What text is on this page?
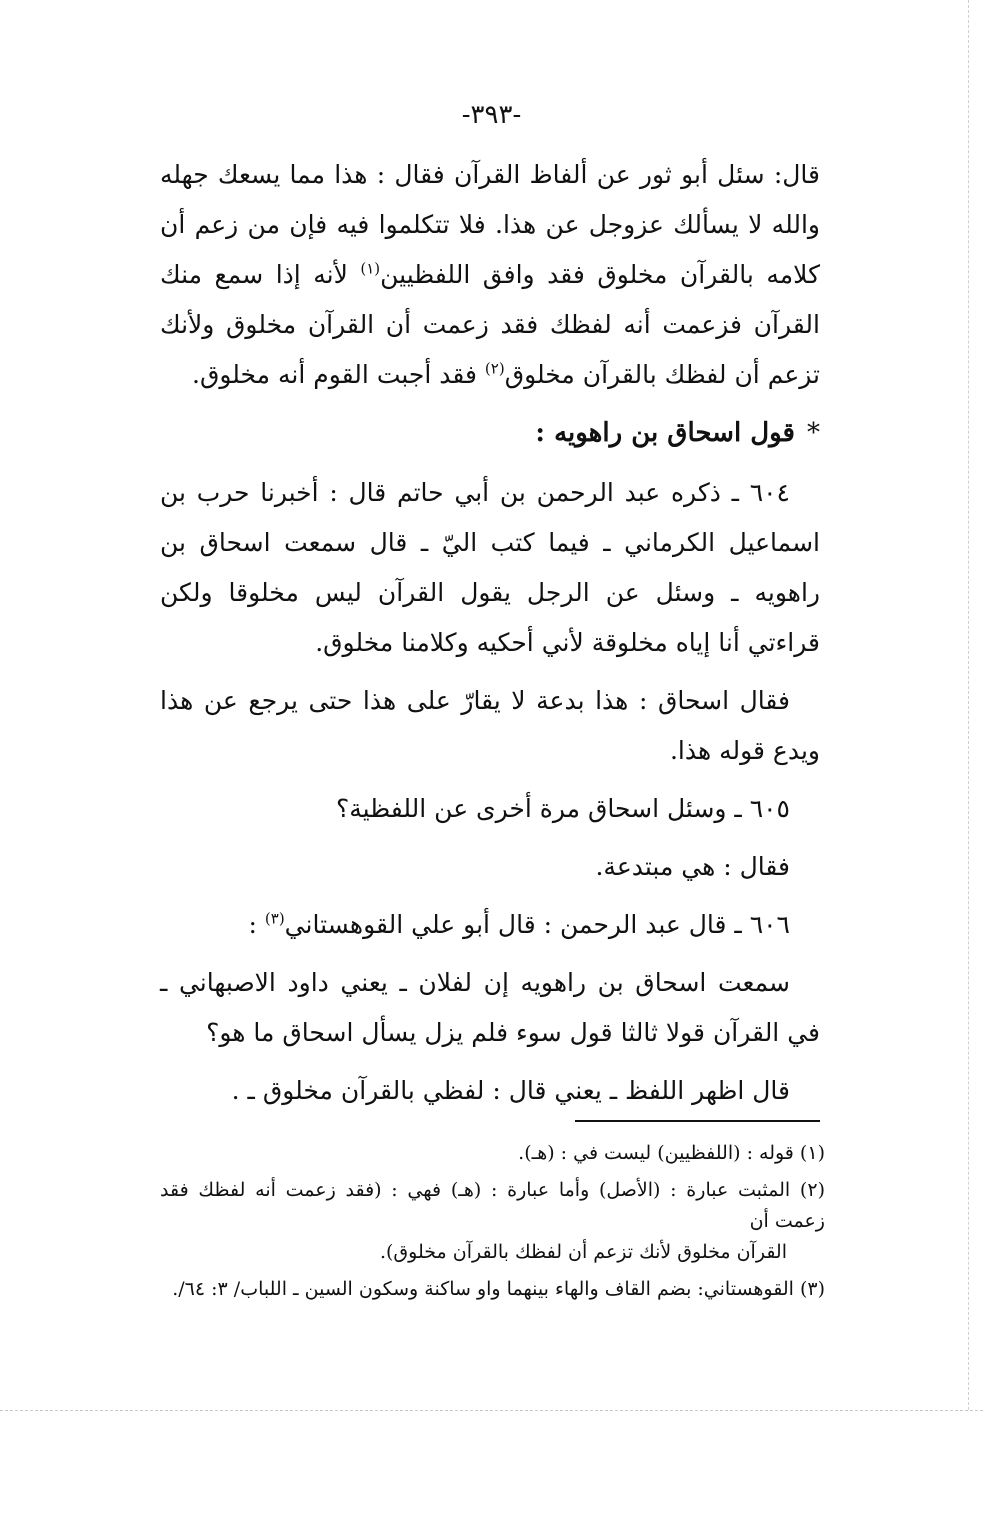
-٣٩٣-

قال: سئل أبو ثور عن ألفاظ القرآن فقال : هذا مما يسعك جهله والله لا يسألك عزوجل عن هذا. فلا تتكلموا فيه فإن من زعم أن كلامه بالقرآن مخلوق فقد وافق اللفظيين$^{(١)}$ لأنه إذا سمع منك القرآن فزعمت أنه لفظك فقد زعمت أن القرآن مخلوق ولأنك تزعم أن لفظك بالقرآن مخلوق$^{(٢)}$ فقد أجبت القوم أنه مخلوق.

*قول اسحاق بن راهويه :

٦٠٤ ـ ذكره عبد الرحمن بن أبي حاتم قال : أخبرنا حرب بن اسماعيل الكرماني ـ فيما كتب اليّ ـ قال سمعت اسحاق بن راهويه ـ وسئل عن الرجل يقول القرآن ليس مخلوقا ولكن قراءتي أنا إياه مخلوقة لأني أحكيه وكلامنا مخلوق.

فقال اسحاق : هذا بدعة لا يقارّ على هذا حتى يرجع عن هذا ويدع قوله هذا.

٦٠٥ ـ وسئل اسحاق مرة أخرى عن اللفظية؟

فقال : هي مبتدعة.

٦٠٦ ـ قال عبد الرحمن : قال أبو علي القوهستاني$^{(٣)}$ :

سمعت اسحاق بن راهويه إن لفلان ـ يعني داود الاصبهاني ـ في القرآن قولا ثالثا قول سوء فلم يزل يسأل اسحاق ما هو؟

قال اظهر اللفظ ـ يعني قال : لفظي بالقرآن مخلوق ـ .

(١) قوله : (اللفظيين) ليست في : (هـ).

(٢) المثبت عبارة : (الأصل) وأما عبارة : (هـ) فهي : (فقد زعمت أنه لفظك فقد زعمت أن
القرآن مخلوق لأنك تزعم أن لفظك بالقرآن مخلوق).

(٣) القوهستاني: بضم القاف والهاء بينهما واو ساكنة وسكون السين ـ اللباب/ ٣: ٦٤/.
